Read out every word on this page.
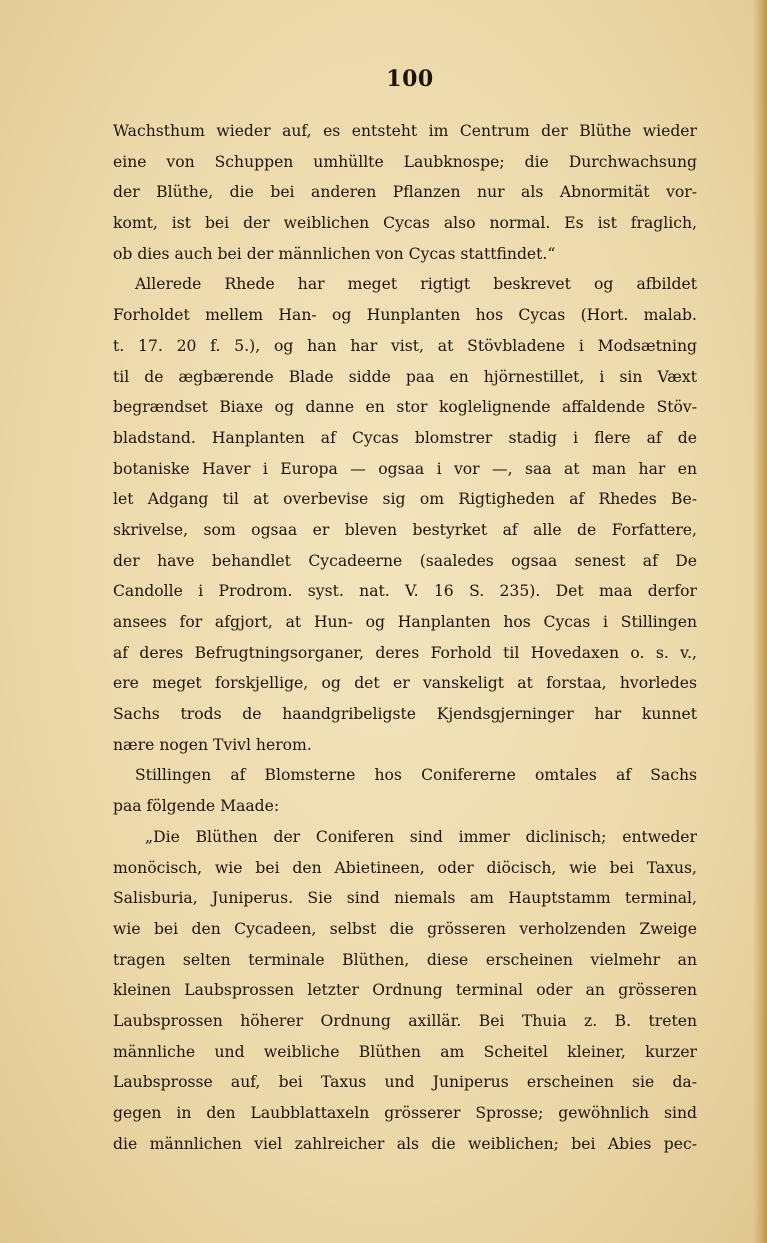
100
Wachsthum wieder auf, es entsteht im Centrum der Blüthe wieder
eine von Schuppen umhüllte Laubknospe; die Durchwachsung
der Blüthe, die bei anderen Pflanzen nur als Abnormität vor-
komt, ist bei der weiblichen Cycas also normal. Es ist fraglich,
ob dies auch bei der männlichen von Cycas stattfindet.“
Allerede Rhede har meget rigtigt beskrevet og afbildet
Forholdet mellem Han- og Hunplanten hos Cycas (Hort. malab.
t. 17. 20 f. 5.), og han har vist, at Stövbladene i Modsætning
til de ægbærende Blade sidde paa en hjörnestillet, i sin Væxt
begrændset Biaxe og danne en stor koglelignende affaldende Stöv-
bladstand. Hanplanten af Cycas blomstrer stadig i flere af de
botaniske Haver i Europa — ogsaa i vor —, saa at man har en
let Adgang til at overbevise sig om Rigtigheden af Rhedes Be-
skrivelse, som ogsaa er bleven bestyrket af alle de Forfattere,
der have behandlet Cycadeerne (saaledes ogsaa senest af De
Candolle i Prodrom. syst. nat. V. 16 S. 235). Det maa derfor
ansees for afgjort, at Hun- og Hanplanten hos Cycas i Stillingen
af deres Befrugtningsorganer, deres Forhold til Hovedaxen o. s. v.,
ere meget forskjellige, og det er vanskeligt at forstaa, hvorledes
Sachs trods de haandgribeligste Kjendsgjerninger har kunnet
nære nogen Tvivl herom.
Stillingen af Blomsterne hos Conifererne omtales af Sachs
paa fölgende Maade:
„Die Blüthen der Coniferen sind immer diclinisch; entweder
monöcisch, wie bei den Abietineen, oder diöcisch, wie bei Taxus,
Salisburia, Juniperus. Sie sind niemals am Hauptstamm terminal,
wie bei den Cycadeen, selbst die grösseren verholzenden Zweige
tragen selten terminale Blüthen, diese erscheinen vielmehr an
kleinen Laubsprossen letzter Ordnung terminal oder an grösseren
Laubsprossen höherer Ordnung axillär. Bei Thuia z. B. treten
männliche und weibliche Blüthen am Scheitel kleiner, kurzer
Laubsprosse auf, bei Taxus und Juniperus erscheinen sie da-
gegen in den Laubblattaxeln grösserer Sprosse; gewöhnlich sind
die männlichen viel zahlreicher als die weiblichen; bei Abies pec-
